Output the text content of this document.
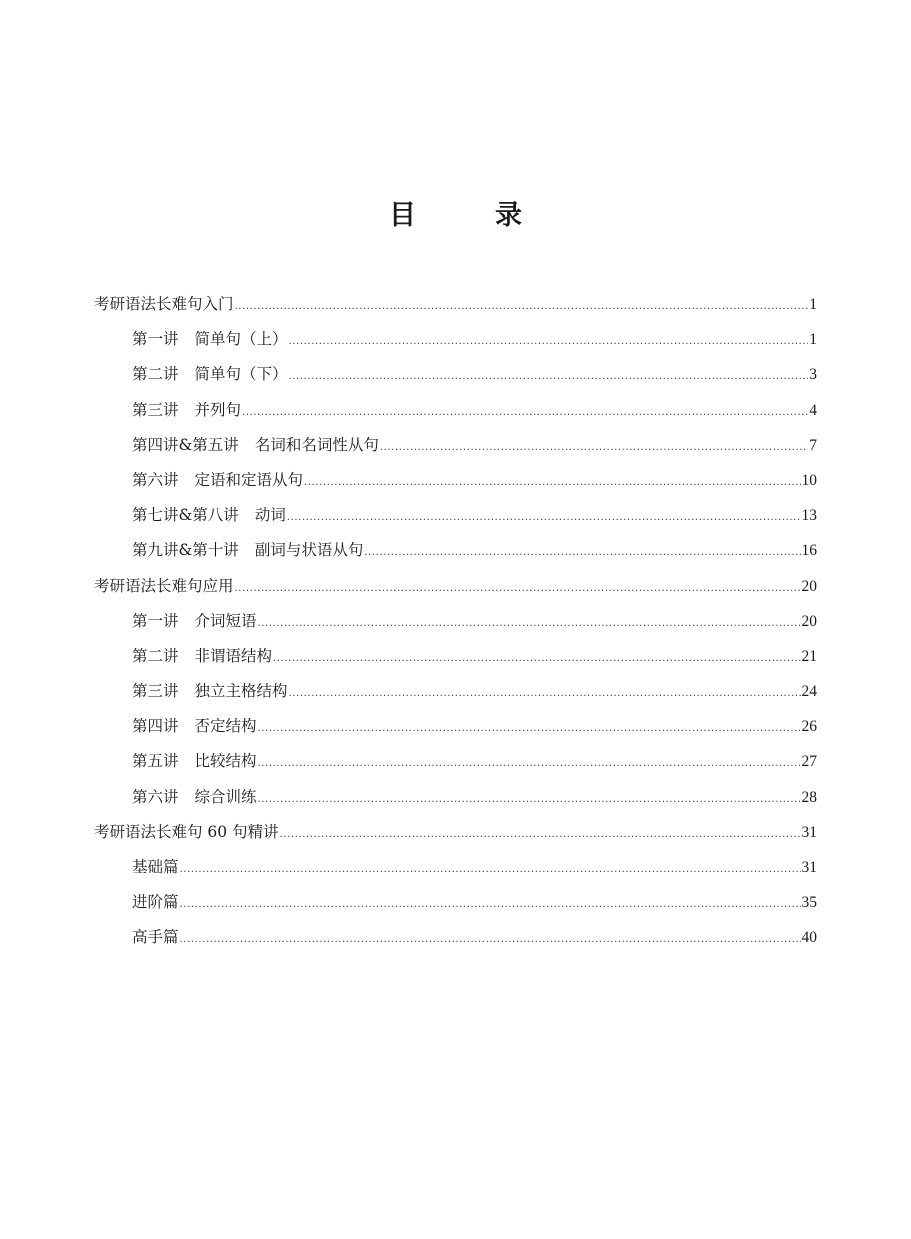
目　录
考研语法长难句入门 .....	1
第一讲 简单句（上） .....	1
第二讲 简单句（下） .....	3
第三讲 并列句 .....	4
第四讲&第五讲 名词和名词性从句 .....	7
第六讲 定语和定语从句 .....	10
第七讲&第八讲 动词 .....	13
第九讲&第十讲 副词与状语从句 .....	16
考研语法长难句应用 .....	20
第一讲 介词短语 .....	20
第二讲 非谓语结构 .....	21
第三讲 独立主格结构 .....	24
第四讲 否定结构 .....	26
第五讲 比较结构 .....	27
第六讲 综合训练 .....	28
考研语法长难句 60 句精讲 .....	31
基础篇 .....	31
进阶篇 .....	35
高手篇 .....	40
